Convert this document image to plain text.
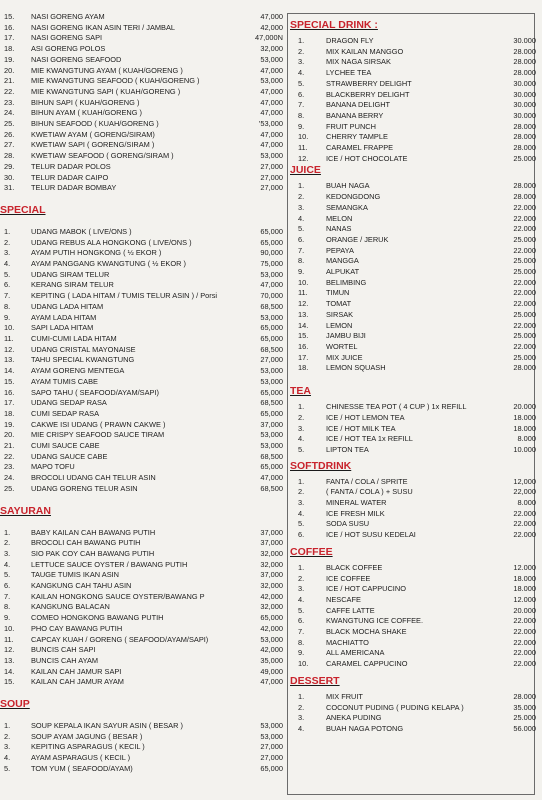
15.	NASI GORENG AYAM	47,000
16.	NASI GORENG IKAN ASIN TERI / JAMBAL	42,000
17.	NASI GORENG SAPI	47,000N
18.	ASI GORENG POLOS	32,000
19.	NASI GORENG SEAFOOD	53,000
20.	MIE KWANGTUNG AYAM ( KUAH/GORENG )	47,000
21.	MIE KWANGTUNG SEAFOOD ( KUAH/GORENG )	53,000
22.	MIE KWANGTUNG SAPI ( KUAH/GORENG )	47,000
23.	BIHUN SAPI ( KUAH/GORENG )	47,000
24.	BIHUN AYAM ( KUAH/GORENG )	47,000
25.	BIHUN SEAFOOD ( KUAH/GORENG )	'53,000
26.	KWETIAW AYAM ( GORENG/SIRAM)	47,000
27.	KWETIAW SAPI ( GORENG/SIRAM )	47,000
28.	KWETIAW SEAFOOD ( GORENG/SIRAM )	53,000
29.	TELUR DADAR POLOS	27,000
30.	TELUR DADAR CAIPO	27,000
31.	TELUR DADAR BOMBAY	27,000
SPECIAL
1.	UDANG MABOK ( LIVE/ONS )	65,000
2.	UDANG REBUS ALA HONGKONG ( LIVE/ONS )	65,000
3.	AYAM PUTIH HONGKONG ( ½ EKOR )	90,000
4.	AYAM PANGGANG KWANGTUNG ( ½ EKOR )	75,000
5.	UDANG SIRAM TELUR	53,000
6.	KERANG SIRAM TELUR	47,000
7.	KEPITING ( LADA HITAM / TUMIS TELUR ASIN ) / Porsi	70,000
8.	UDANG LADA HITAM	68,500
9.	AYAM LADA HITAM	53,000
10.	SAPI LADA HITAM	65,000
11.	CUMI-CUMI LADA HITAM	65,000
12.	UDANG CRISTAL MAYONAISE	68,500
13.	TAHU SPECIAL KWANGTUNG	27,000
14.	AYAM GORENG MENTEGA	53,000
15.	AYAM TUMIS CABE	53,000
16.	SAPO TAHU ( SEAFOOD/AYAM/SAPI)	65,000
17.	UDANG SEDAP RASA	68,500
18.	CUMI SEDAP RASA	65,000
19.	CAKWE ISI UDANG ( PRAWN CAKWE )	37,000
20.	MIE CRISPY SEAFOOD SAUCE TIRAM	53,000
21.	CUMI SAUCE CABE	53,000
22.	UDANG SAUCE CABE	68,500
23.	MAPO TOFU	65,000
24.	BROCOLI UDANG CAH TELUR ASIN	47,000
25.	UDANG GORENG TELUR ASIN	68,500
SAYURAN
1.	BABY KAILAN CAH BAWANG PUTIH	37,000
2.	BROCOLI CAH BAWANG PUTIH	37,000
3.	SIO PAK COY CAH BAWANG PUTIH	32,000
4.	LETTUCE SAUCE OYSTER / BAWANG PUTIH	32,000
5.	TAUGE TUMIS IKAN ASIN	37,000
6.	KANGKUNG CAH TAHU ASIN	32,000
7.	KAILAN HONGKONG SAUCE OYSTER/BAWANG P	42,000
8.	KANGKUNG BALACAN	32,000
9.	COMEO HONGKONG BAWANG PUTIH	65,000
10.	PHO CAY BAWANG PUTIH	42,000
11.	CAPCAY KUAH / GORENG ( SEAFOOD/AYAM/SAPI)	53,000
12.	BUNCIS CAH SAPI	42,000
13.	BUNCIS CAH AYAM	35,000
14.	KAILAN CAH JAMUR SAPI	49,000
15.	KAILAN CAH JAMUR AYAM	47,000
SOUP
1.	SOUP KEPALA IKAN SAYUR ASIN ( BESAR )	53,000
2.	SOUP AYAM JAGUNG ( BESAR )	53,000
3.	KEPITING ASPARAGUS ( KECIL )	27,000
4.	AYAM ASPARAGUS ( KECIL )	27,000
5.	TOM YUM ( SEAFOOD/AYAM)	65,000
SPECIAL DRINK :
1.	DRAGON FLY	30.000
2.	MIX KAILAN MANGGO	28.000
3.	MIX NAGA SIRSAK	28.000
4.	LYCHEE TEA	28.000
5.	STRAWBERRY DELIGHT	30.000
6.	BLACKBERRY DELIGHT	30.000
7.	BANANA DELIGHT	30.000
8.	BANANA BERRY	30.000
9.	FRUIT PUNCH	28.000
10.	CHERRY TAMPLE	28.000
11.	CARAMEL FRAPPE	28.000
12.	ICE / HOT CHOCOLATE	25.000
JUICE
1.	BUAH NAGA	28.000
2.	KEDONGDONG	28.000
3.	SEMANGKA	22.000
4.	MELON	22.000
5.	NANAS	22.000
6.	ORANGE / JERUK	25.000
7.	PEPAYA	22.000
8.	MANGGA	25.000
9.	ALPUKAT	25.000
10.	BELIMBING	22.000
11.	TIMUN	22.000
12.	TOMAT	22.000
13.	SIRSAK	25.000
14.	LEMON	22.000
15.	JAMBU BIJI	25.000
16.	WORTEL	22.000
17.	MIX JUICE	25.000
18.	LEMON SQUASH	28.000
TEA
1.	CHINESSE TEA POT ( 4 CUP ) 1x REFILL	20.000
2.	ICE / HOT LEMON TEA	18.000
3.	ICE / HOT MILK TEA	18.000
4.	ICE / HOT TEA 1x REFILL	8.000
5.	LIPTON TEA	10.000
SOFTDRINK
1.	FANTA / COLA / SPRITE	12,000
2.	( FANTA / COLA ) + SUSU	22,000
3.	MINERAL WATER	8.000
4.	ICE FRESH MILK	22.000
5.	SODA SUSU	22.000
6.	ICE / HOT SUSU KEDELAI	22.000
COFFEE
1.	BLACK COFFEE	12.000
2.	ICE COFFEE	18.000
3.	ICE / HOT CAPPUCINO	18.000
4.	NESCAFE	12.000
5.	CAFFE LATTE	20.000
6.	KWANGTUNG ICE COFFEE.	22.000
7.	BLACK MOCHA SHAKE	22.000
8.	MACHIATTO	22.000
9.	ALL AMERICANA	22.000
10.	CARAMEL CAPPUCINO	22.000
DESSERT
1.	MIX FRUIT	28.000
2.	COCONUT PUDING ( PUDING KELAPA )	35.000
3.	ANEKA PUDING	25.000
4.	BUAH NAGA POTONG	56.000
